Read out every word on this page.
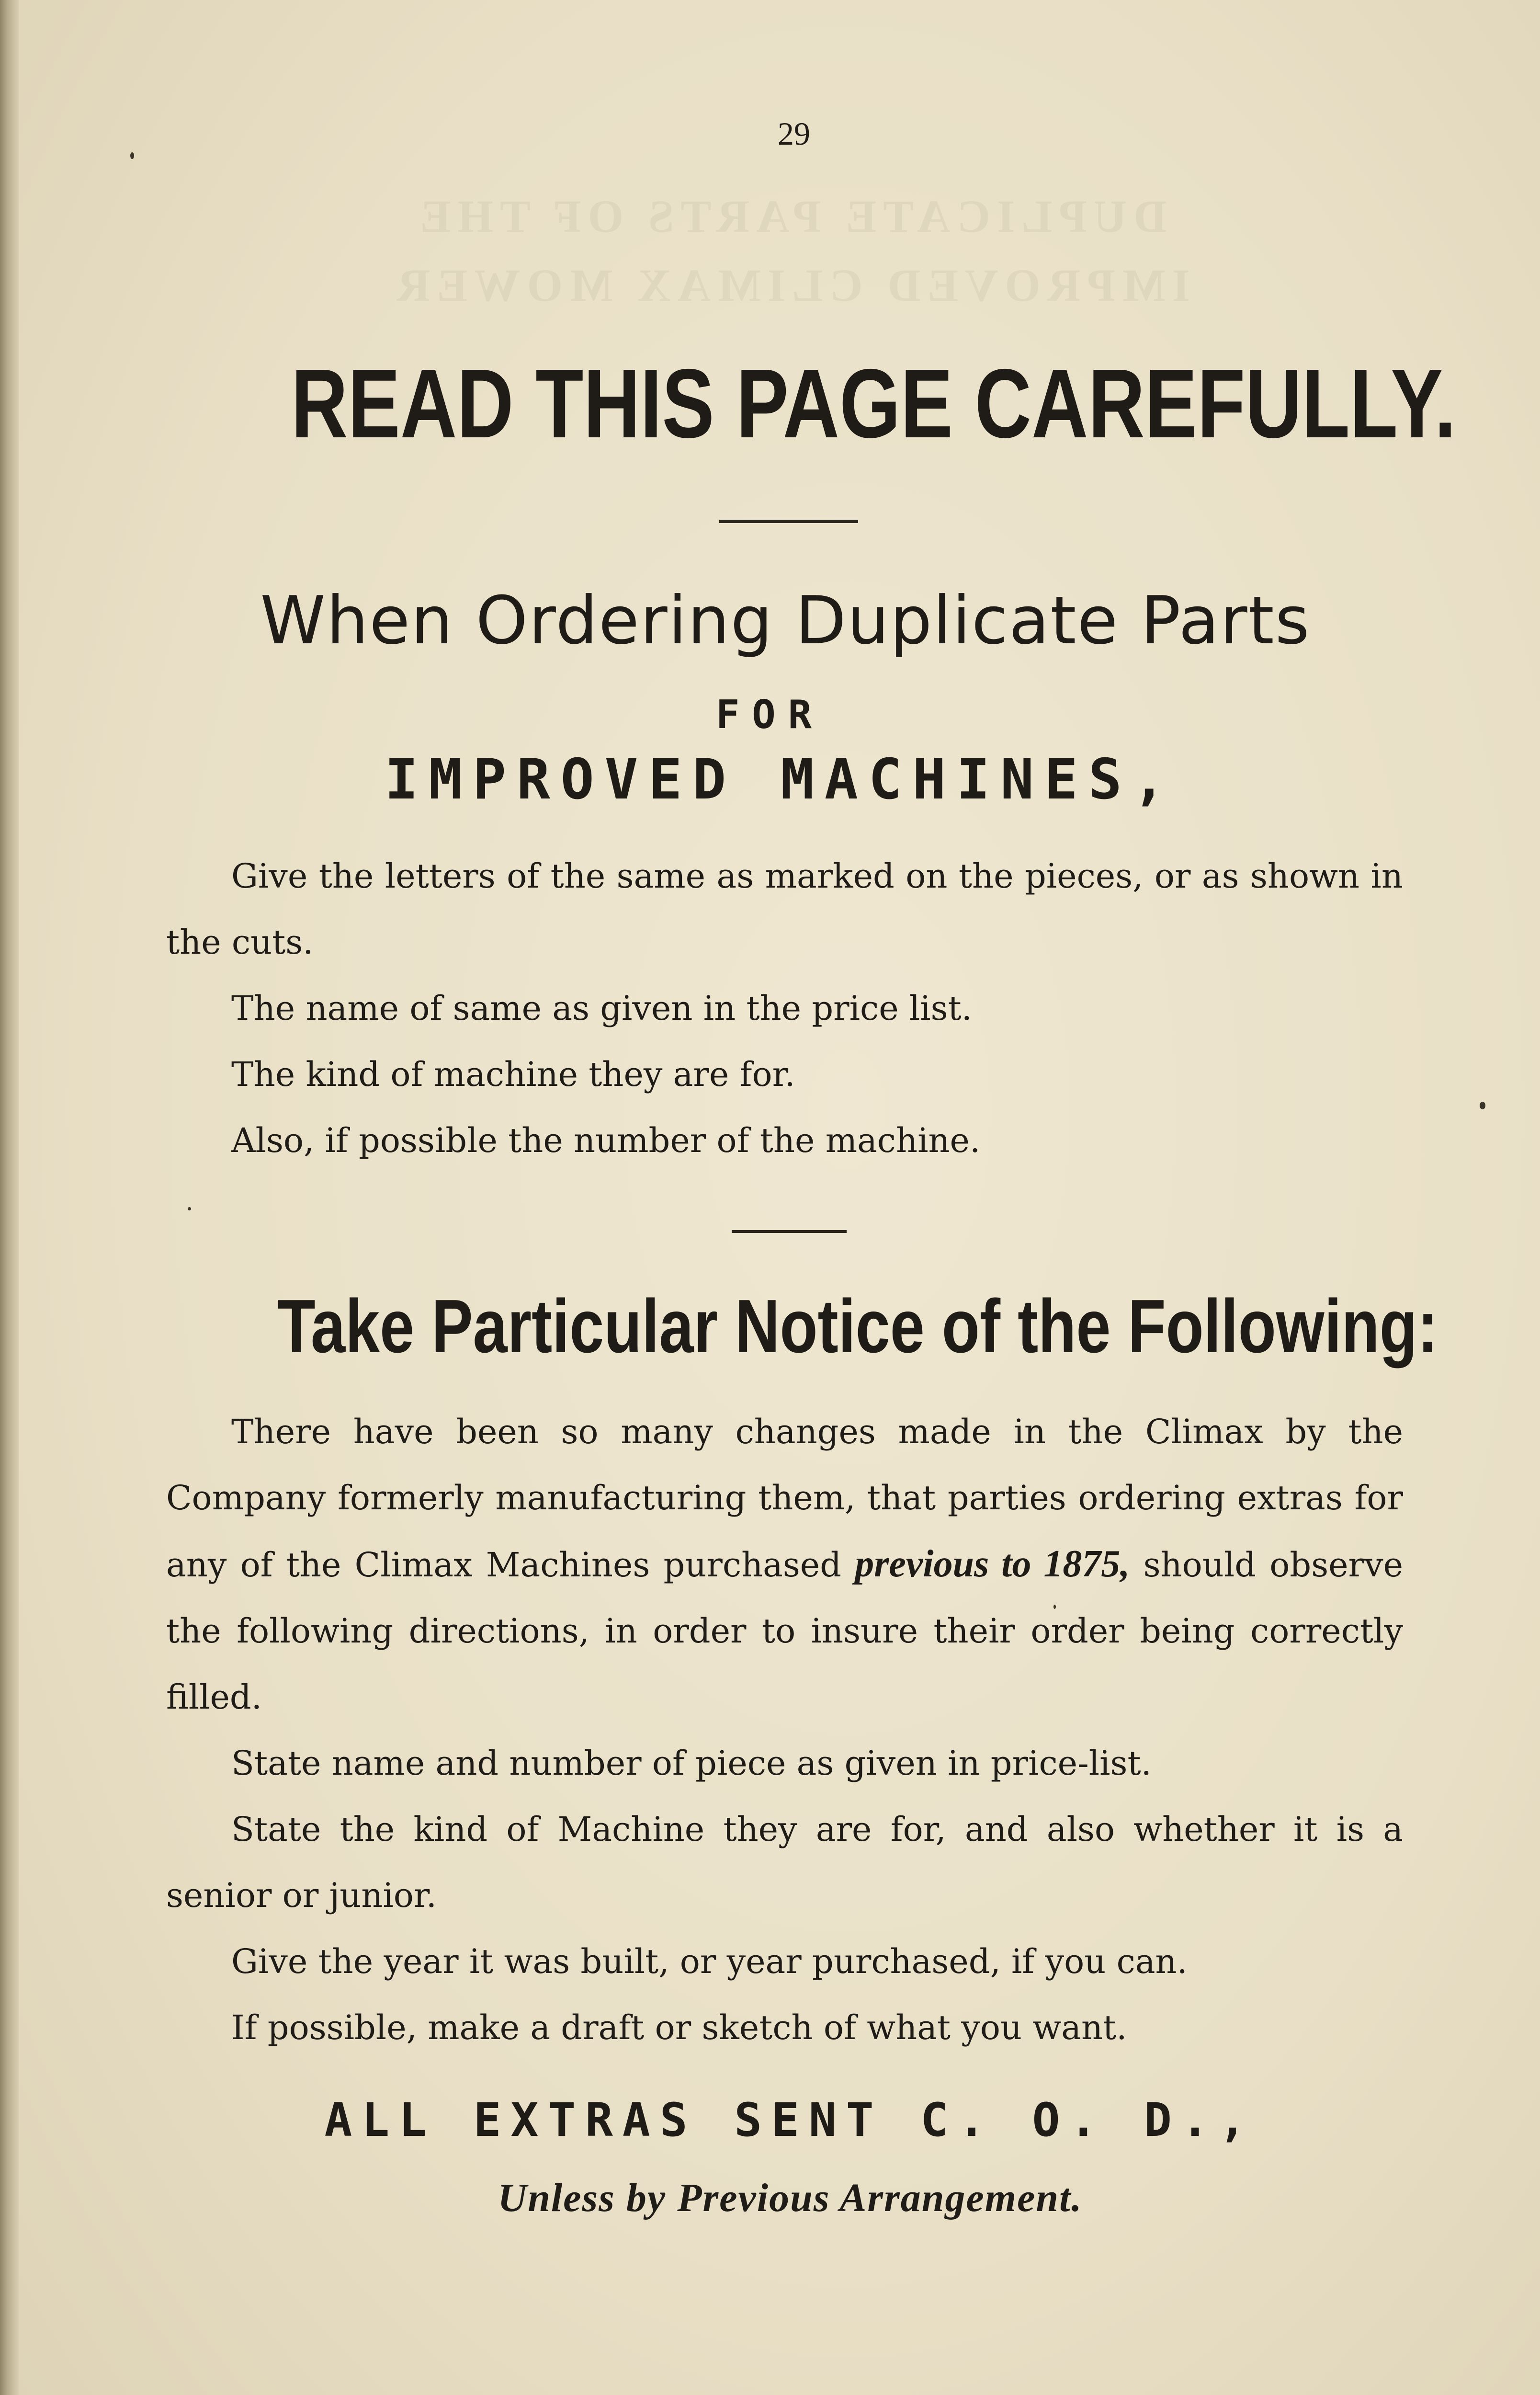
DUPLICATE PARTS OF THE
IMPROVED CLIMAX MOWER
29
READ THIS PAGE CAREFULLY.
When Ordering Duplicate Parts
FOR
IMPROVED MACHINES,

Give the letters of the same as marked on the pieces, or as shown in the cuts.

The name of same as given in the price list.

The kind of machine they are for.

Also, if possible the number of the machine.

Take Particular Notice of the Following:

There have been so many changes made in the Climax by the Company formerly manufacturing them, that parties ordering extras for any of the Climax Machines purchased previous to 1875, should observe the following directions, in order to insure their order being correctly filled.

State name and number of piece as given in price-list.

State the kind of Machine they are for, and also whether it is a senior or junior.

Give the year it was built, or year purchased, if you can.

If possible, make a draft or sketch of what you want.

ALL EXTRAS SENT C. O. D.,
Unless by Previous Arrangement.
